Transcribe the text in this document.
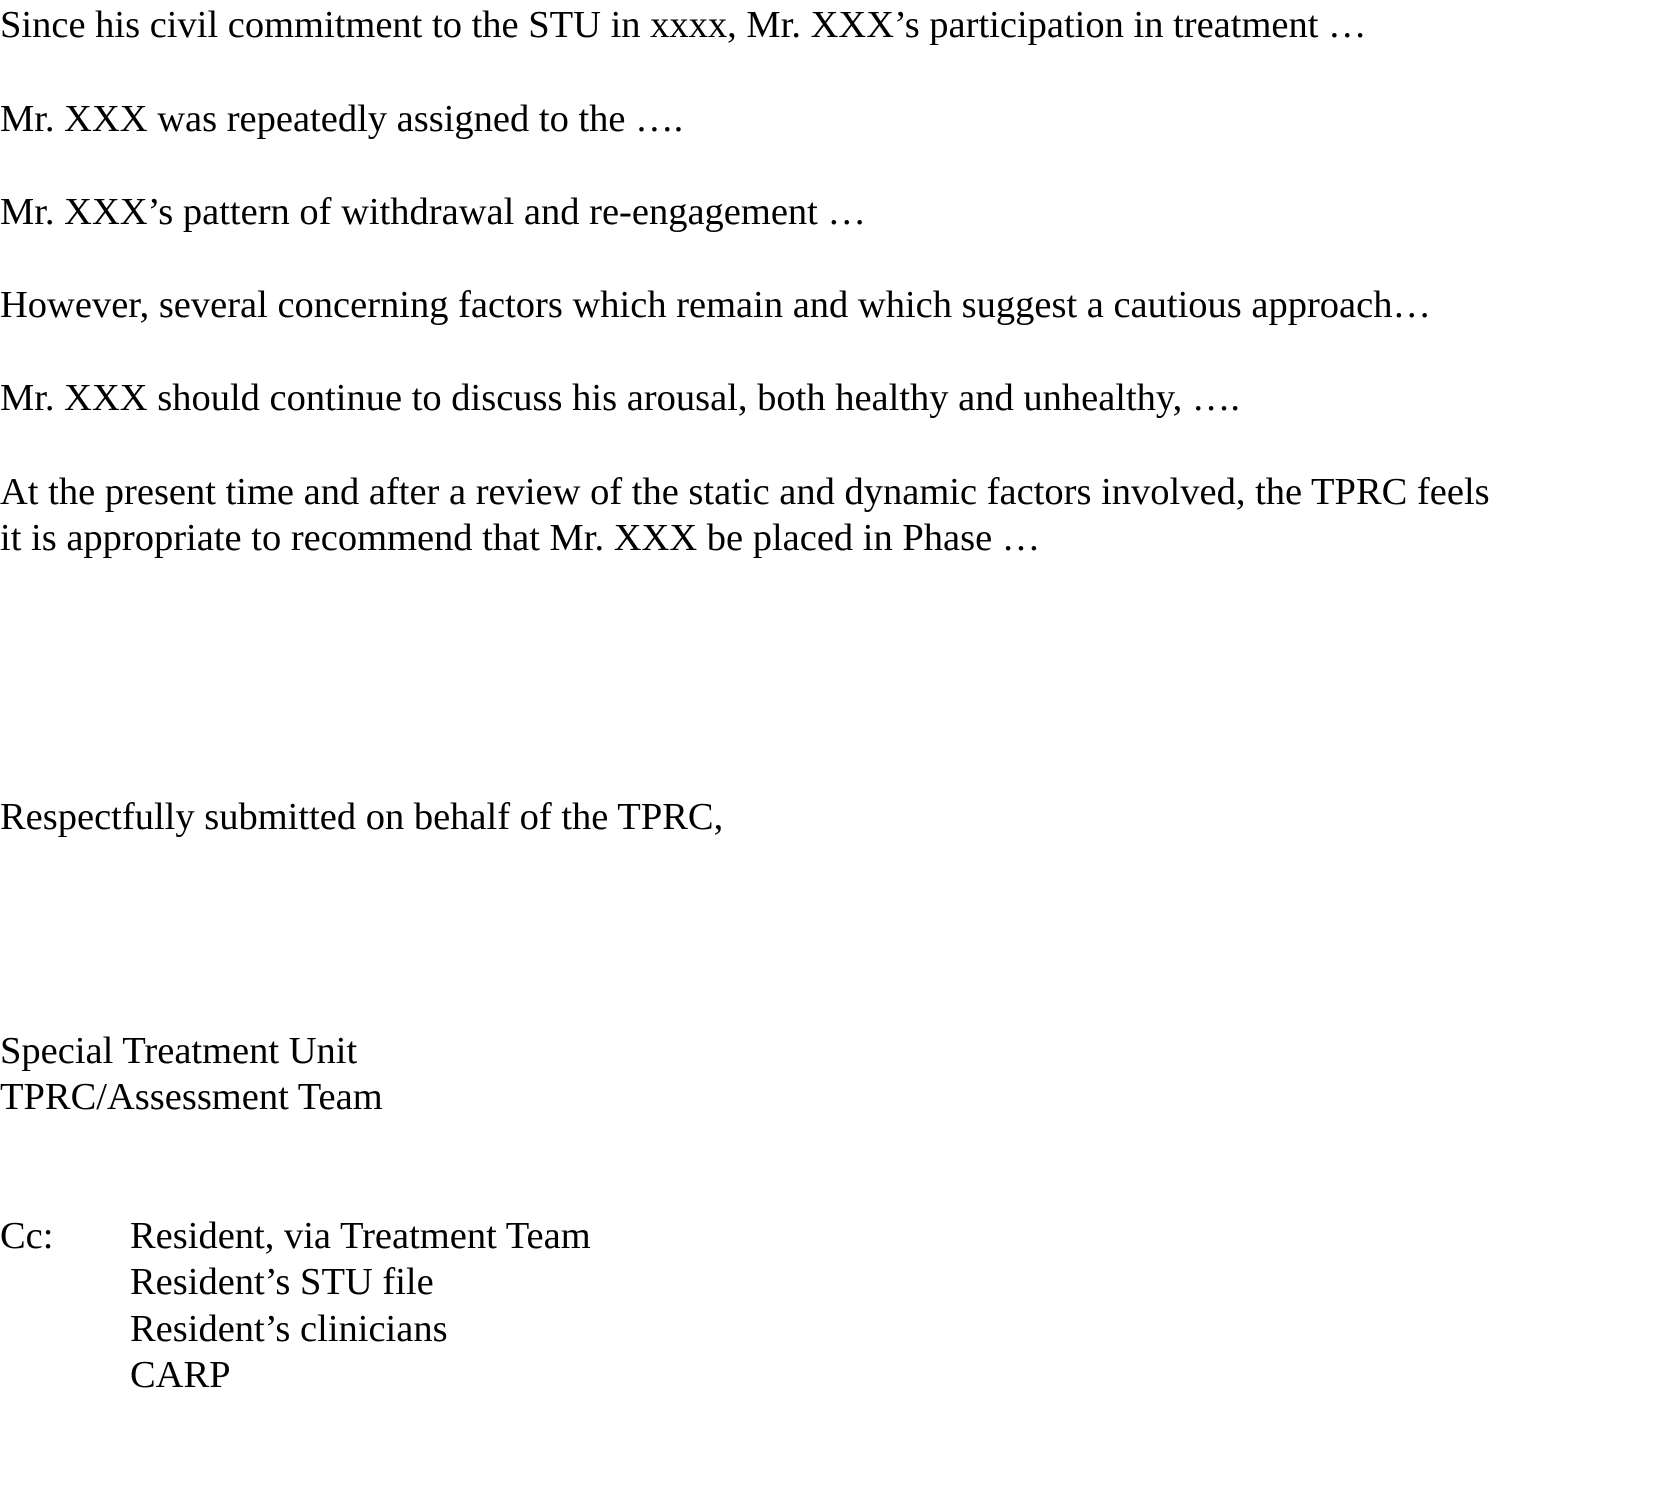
Since his civil commitment to the STU in xxxx, Mr. XXX’s participation in treatment …
Mr. XXX was repeatedly assigned to the ….
Mr. XXX’s pattern of withdrawal and re-engagement …
However, several concerning factors which remain and which suggest a cautious approach…
Mr. XXX should continue to discuss his arousal, both healthy and unhealthy, ….
At the present time and after a review of the static and dynamic factors involved, the TPRC feels
it is appropriate to recommend that Mr. XXX be placed in Phase …
Respectfully submitted on behalf of the TPRC,
Special Treatment Unit
TPRC/Assessment Team
Cc: Resident, via Treatment Team
Resident’s STU file
Resident’s clinicians
CARP
